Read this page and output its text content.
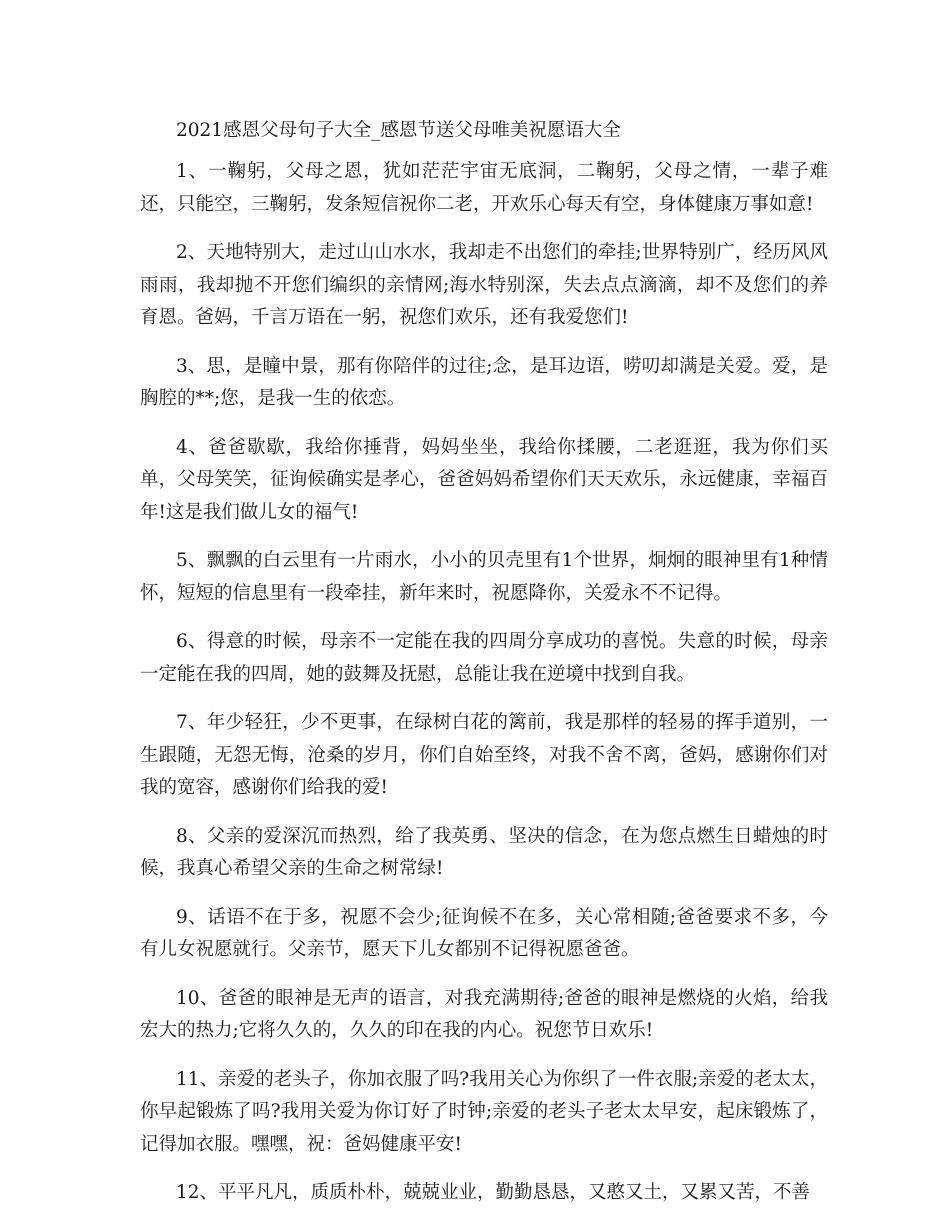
2021感恩父母句子大全_感恩节送父母唯美祝愿语大全

1、一鞠躬，父母之恩，犹如茫茫宇宙无底洞，二鞠躬，父母之情，一辈子难还，只能空，三鞠躬，发条短信祝你二老，开欢乐心每天有空，身体健康万事如意!

2、天地特别大，走过山山水水，我却走不出您们的牵挂;世界特别广，经历风风雨雨，我却抛不开您们编织的亲情网;海水特别深，失去点点滴滴，却不及您们的养育恩。爸妈，千言万语在一躬，祝您们欢乐，还有我爱您们!

3、思，是瞳中景，那有你陪伴的过往;念，是耳边语，唠叨却满是关爱。爱，是胸腔的**;您，是我一生的依恋。

4、爸爸歇歇，我给你捶背，妈妈坐坐，我给你揉腰，二老逛逛，我为你们买单，父母笑笑，征询候确实是孝心，爸爸妈妈希望你们天天欢乐，永远健康，幸福百年!这是我们做儿女的福气!

5、飘飘的白云里有一片雨水，小小的贝壳里有1个世界，炯炯的眼神里有1种情怀，短短的信息里有一段牵挂，新年来时，祝愿降你，关爱永不不记得。

6、得意的时候，母亲不一定能在我的四周分享成功的喜悦。失意的时候，母亲一定能在我的四周，她的鼓舞及抚慰，总能让我在逆境中找到自我。

7、年少轻狂，少不更事，在绿树白花的篱前，我是那样的轻易的挥手道别，一生跟随，无怨无悔，沧桑的岁月，你们自始至终，对我不舍不离，爸妈，感谢你们对我的宽容，感谢你们给我的爱!

8、父亲的爱深沉而热烈，给了我英勇、坚决的信念，在为您点燃生日蜡烛的时候，我真心希望父亲的生命之树常绿!

9、话语不在于多，祝愿不会少;征询候不在多，关心常相随;爸爸要求不多，今有儿女祝愿就行。父亲节，愿天下儿女都别不记得祝愿爸爸。

10、爸爸的眼神是无声的语言，对我充满期待;爸爸的眼神是燃烧的火焰，给我宏大的热力;它将久久的，久久的印在我的内心。祝您节日欢乐!

11、亲爱的老头子，你加衣服了吗?我用关心为你织了一件衣服;亲爱的老太太，你早起锻炼了吗?我用关爱为你订好了时钟;亲爱的老头子老太太早安，起床锻炼了，记得加衣服。嘿嘿，祝：爸妈健康平安!

12、平平凡凡，质质朴朴，兢兢业业，勤勤恳恳，又憨又土，又累又苦，不善
